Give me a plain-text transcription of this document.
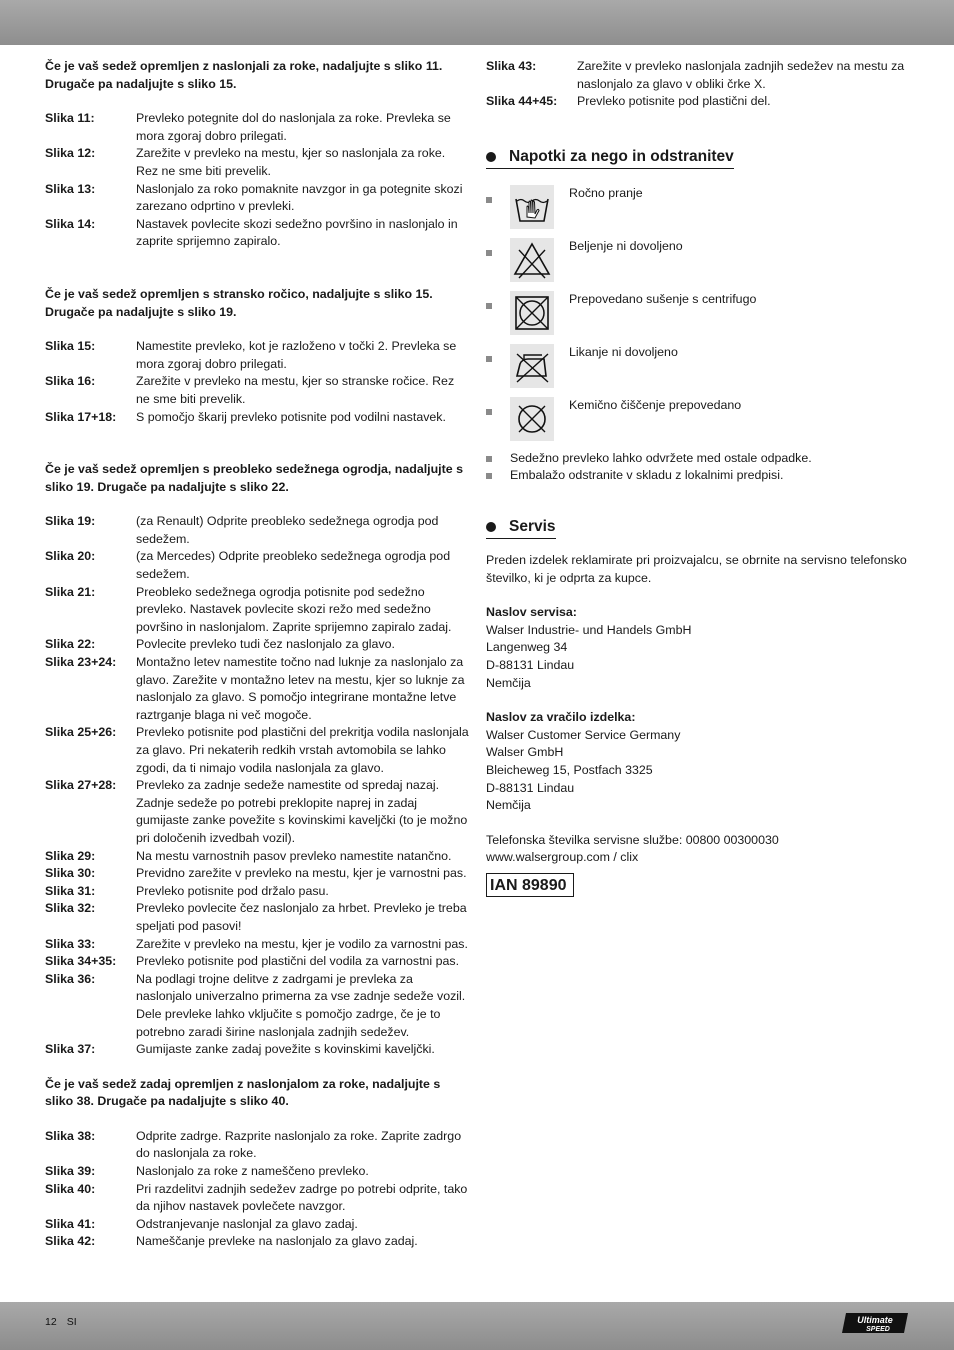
Če je vaš sedež opremljen z naslonjali za roke, nadaljujte s sliko 11. Drugače pa nadaljujte s sliko 15.

Slika 11:	Prevleko potegnite dol do naslonjala za roke. Prevleka se mora zgoraj dobro prilegati.
Slika 12:	Zarežite v prevleko na mestu, kjer so naslonjala za roke. Rez ne sme biti prevelik.
Slika 13:	Naslonjalo za roko pomaknite navzgor in ga potegnite skozi zarezano odprtino v prevleki.
Slika 14:	Nastavek povlecite skozi sedežno površino in naslonjalo in zaprite sprijemno zapiralo.

Če je vaš sedež opremljen s stransko ročico, nadaljujte s sliko 15. Drugače pa nadaljujte s sliko 19.

Slika 15:	Namestite prevleko, kot je razloženo v točki 2. Prevleka se mora zgoraj dobro prilegati.
Slika 16:	Zarežite v prevleko na mestu, kjer so stranske ročice. Rez ne sme biti prevelik.
Slika 17+18:	S pomočjo škarij prevleko potisnite pod vodilni nastavek.

Če je vaš sedež opremljen s preobleko sedežnega ogrodja, nadaljujte s sliko 19. Drugače pa nadaljujte s sliko 22.

Slika 19:	(za Renault) Odprite preobleko sedežnega ogrodja pod sedežem.
Slika 20:	(za Mercedes) Odprite preobleko sedežnega ogrodja pod sedežem.
Slika 21:	Preobleko sedežnega ogrodja potisnite pod sedežno prevleko. Nastavek povlecite skozi režo med sedežno površino in naslonjalom. Zaprite sprijemno zapiralo zadaj.
Slika 22:	Povlecite prevleko tudi čez naslonjalo za glavo.
Slika 23+24:	Montažno letev namestite točno nad luknje za naslonjalo za glavo. Zarežite v montažno letev na mestu, kjer so luknje za naslonjalo za glavo. S pomočjo integrirane montažne letve raztrganje blaga ni več mogoče.
Slika 25+26:	Prevleko potisnite pod plastični del prekritja vodila naslonjala za glavo. Pri nekaterih redkih vrstah avtomobila se lahko zgodi, da ti nimajo vodila naslonjala za glavo.
Slika 27+28:	Prevleko za zadnje sedeže namestite od spredaj nazaj. Zadnje sedeže po potrebi preklopite naprej in zadaj gumijaste zanke povežite s kovinskimi kaveljčki (to je možno pri določenih izvedbah vozil).
Slika 29:	Na mestu varnostnih pasov prevleko namestite natančno.
Slika 30:	Previdno zarežite v prevleko na mestu, kjer je varnostni pas.
Slika 31:	Prevleko potisnite pod držalo pasu.
Slika 32:	Prevleko povlecite čez naslonjalo za hrbet. Prevleko je treba speljati pod pasovi!
Slika 33:	Zarežite v prevleko na mestu, kjer je vodilo za varnostni pas.
Slika 34+35:	Prevleko potisnite pod plastični del vodila za varnostni pas.
Slika 36:	Na podlagi trojne delitve z zadrgami je prevleka za naslonjalo univerzalno primerna za vse zadnje sedeže vozil. Dele prevleke lahko vključite s pomočjo zadrge, če je to potrebno zaradi širine naslonjala zadnjih sedežev.
Slika 37:	Gumijaste zanke zadaj povežite s kovinskimi kaveljčki.

Če je vaš sedež zadaj opremljen z naslonjalom za roke, nadaljujte s sliko 38. Drugače pa nadaljujte s sliko 40.

Slika 38:	Odprite zadrge. Razprite naslonjalo za roke. Zaprite zadrgo do naslonjala za roke.
Slika 39:	Naslonjalo za roke z nameščeno prevleko.
Slika 40:	Pri razdelitvi zadnjih sedežev zadrge po potrebi odprite, tako da njihov nastavek povlečete navzgor.
Slika 41:	Odstranjevanje naslonjal za glavo zadaj.
Slika 42:	Nameščanje prevleke na naslonjalo za glavo zadaj.
Slika 43:	Zarežite v prevleko naslonjala zadnjih sedežev na mestu za naslonjalo za glavo v obliki črke X.
Slika 44+45:	Prevleko potisnite pod plastični del.
Napotki za nego in odstranitev
Ročno pranje
Beljenje ni dovoljeno
Prepovedano sušenje s centrifugo
Likanje ni dovoljeno
Kemično čiščenje prepovedano
Sedežno prevleko lahko odvržete med ostale odpadke.
Embalažo odstranite v skladu z lokalnimi predpisi.
Servis

Preden izdelek reklamirate pri proizvajalcu, se obrnite na servisno telefonsko številko, ki je odprta za kupce.

Naslov servisa:

Walser Industrie- und Handels GmbH

Langenweg 34

D-88131 Lindau

Nemčija

Naslov za vračilo izdelka:

Walser Customer Service Germany

Walser GmbH

Bleicheweg 15, Postfach 3325

D-88131 Lindau

Nemčija

Telefonska številka servisne službe: 00800 00300030

www.walsergroup.com / clix

IAN 89890
12 SI	Ultimate
SPEED
